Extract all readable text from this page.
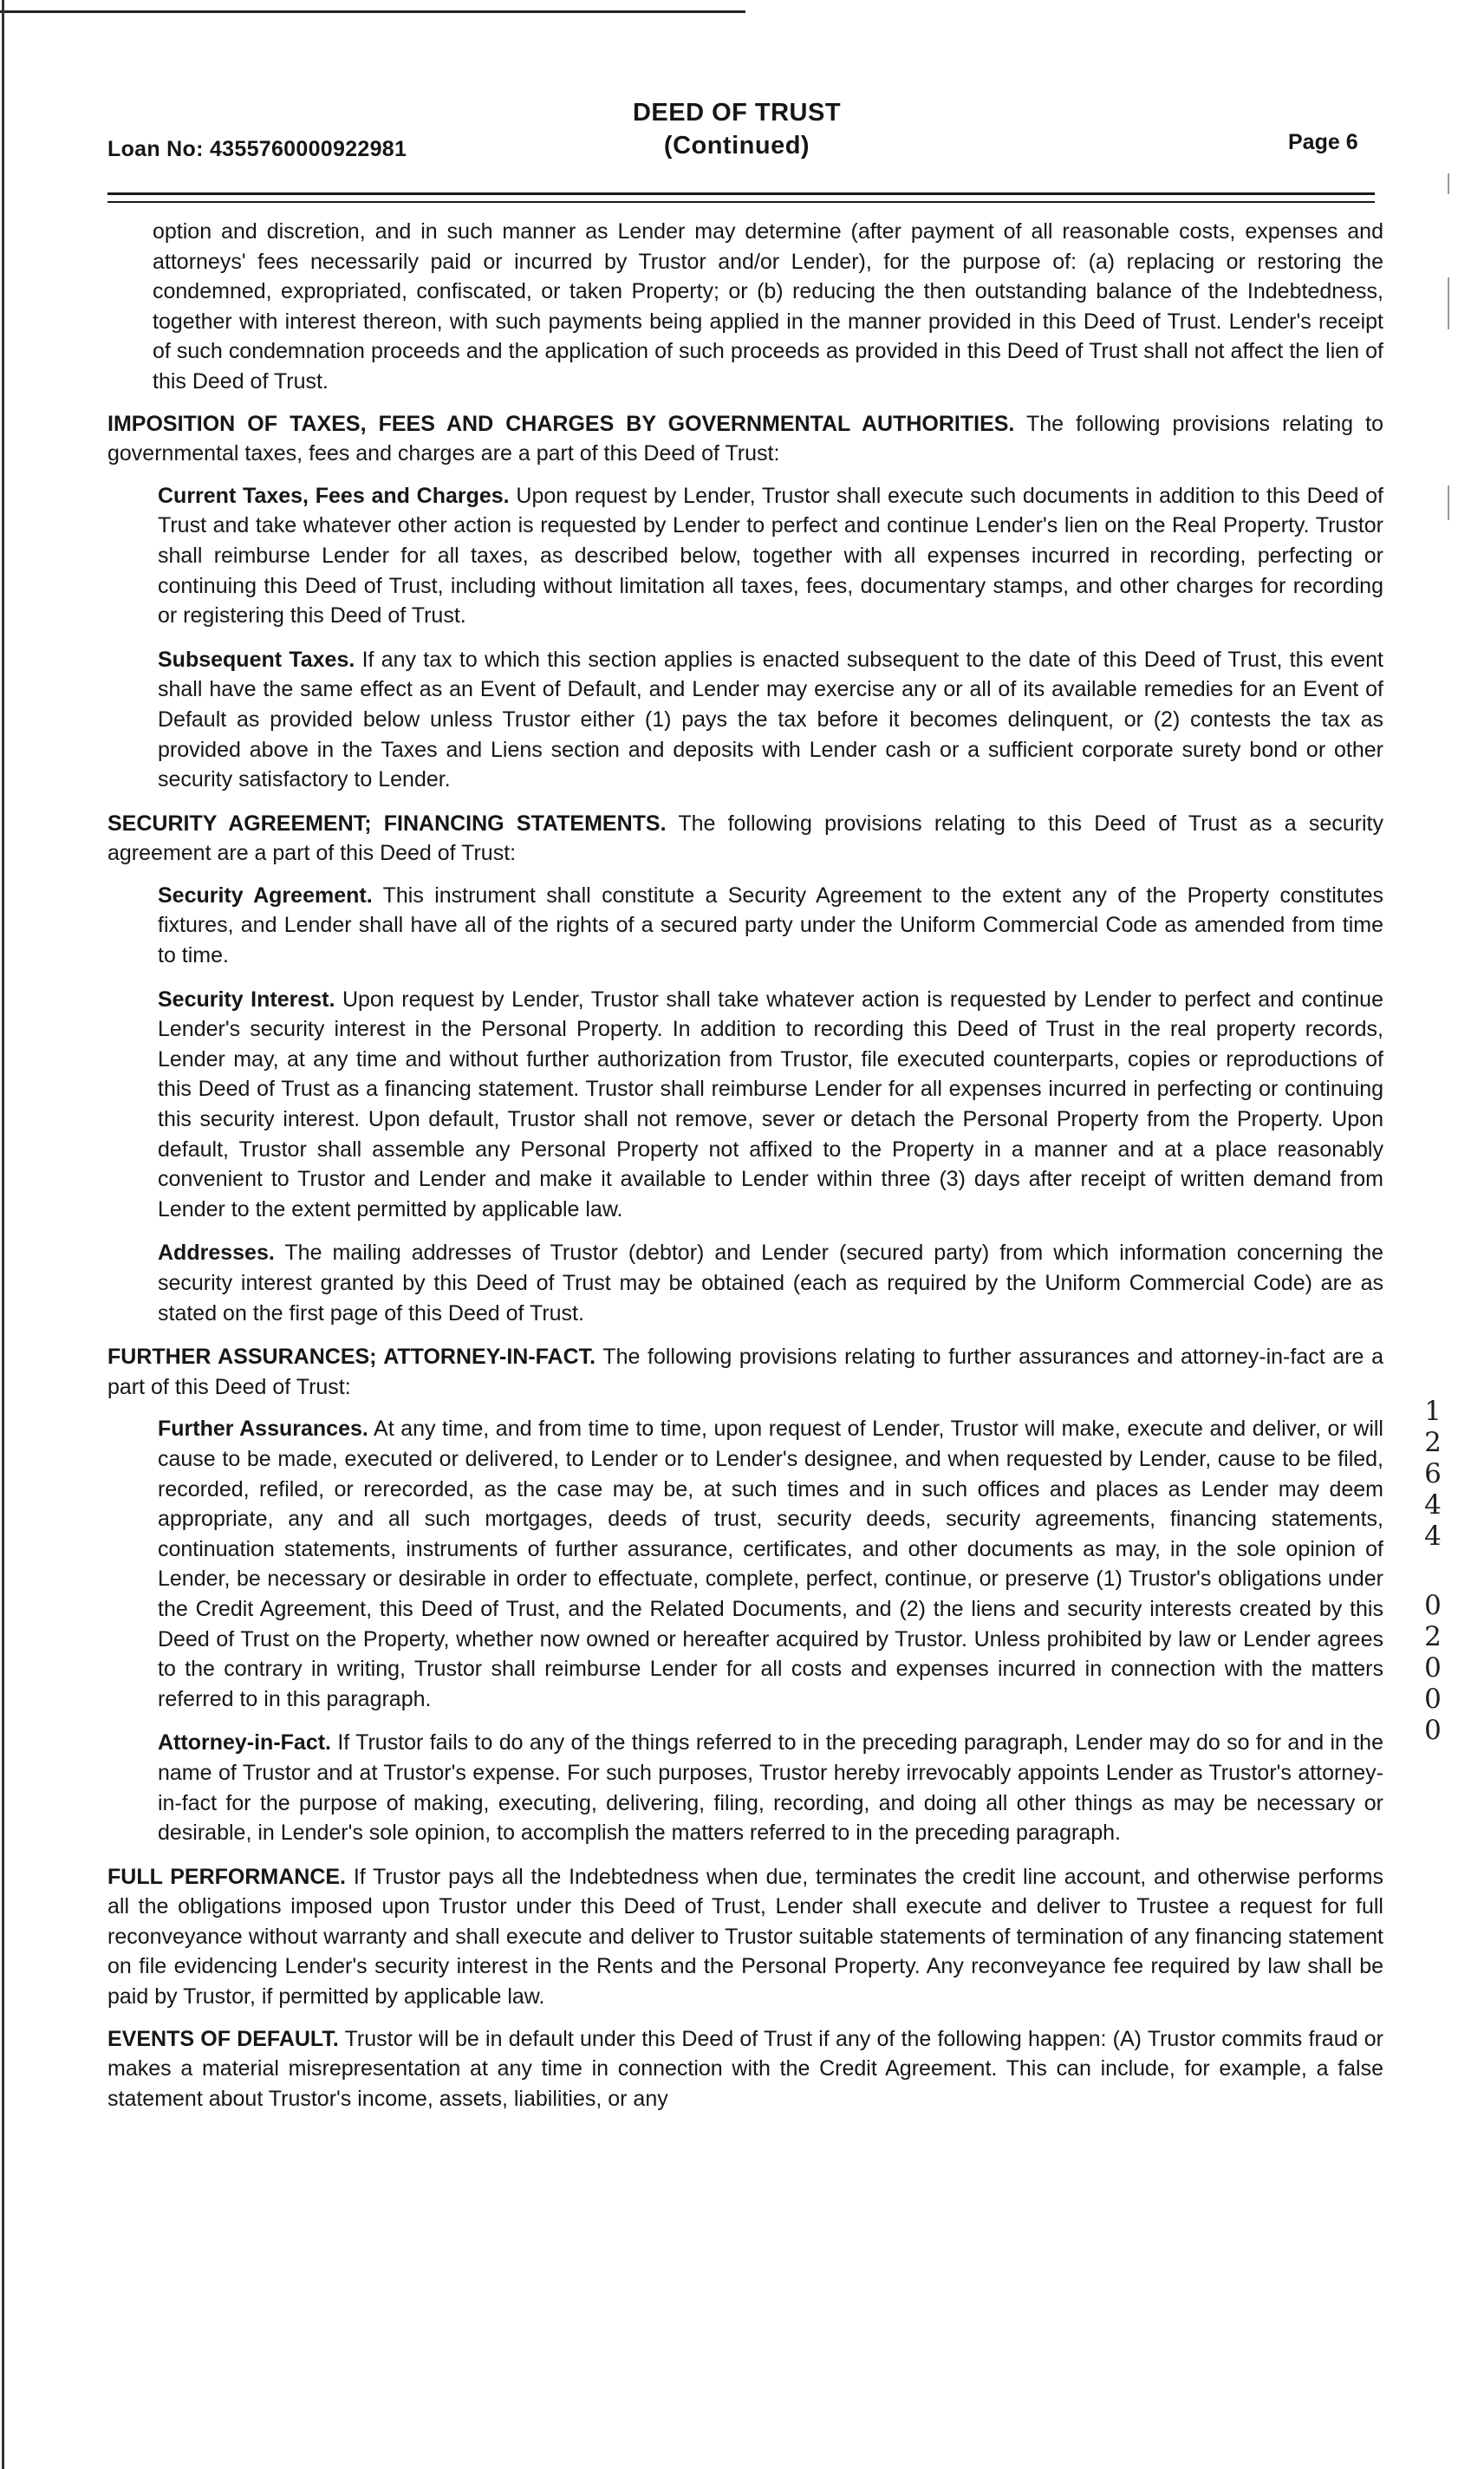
Loan No: 4355760000922981
DEED OF TRUST
(Continued)	Page 6

option and discretion, and in such manner as Lender may determine (after payment of all reasonable costs, expenses and attorneys' fees necessarily paid or incurred by Trustor and/or Lender), for the purpose of: (a) replacing or restoring the condemned, expropriated, confiscated, or taken Property; or (b) reducing the then outstanding balance of the Indebtedness, together with interest thereon, with such payments being applied in the manner provided in this Deed of Trust. Lender's receipt of such condemnation proceeds and the application of such proceeds as provided in this Deed of Trust shall not affect the lien of this Deed of Trust.

IMPOSITION OF TAXES, FEES AND CHARGES BY GOVERNMENTAL AUTHORITIES. The following provisions relating to governmental taxes, fees and charges are a part of this Deed of Trust:

Current Taxes, Fees and Charges. Upon request by Lender, Trustor shall execute such documents in addition to this Deed of Trust and take whatever other action is requested by Lender to perfect and continue Lender's lien on the Real Property. Trustor shall reimburse Lender for all taxes, as described below, together with all expenses incurred in recording, perfecting or continuing this Deed of Trust, including without limitation all taxes, fees, documentary stamps, and other charges for recording or registering this Deed of Trust.

Subsequent Taxes. If any tax to which this section applies is enacted subsequent to the date of this Deed of Trust, this event shall have the same effect as an Event of Default, and Lender may exercise any or all of its available remedies for an Event of Default as provided below unless Trustor either (1) pays the tax before it becomes delinquent, or (2) contests the tax as provided above in the Taxes and Liens section and deposits with Lender cash or a sufficient corporate surety bond or other security satisfactory to Lender.

SECURITY AGREEMENT; FINANCING STATEMENTS. The following provisions relating to this Deed of Trust as a security agreement are a part of this Deed of Trust:

Security Agreement. This instrument shall constitute a Security Agreement to the extent any of the Property constitutes fixtures, and Lender shall have all of the rights of a secured party under the Uniform Commercial Code as amended from time to time.

Security Interest. Upon request by Lender, Trustor shall take whatever action is requested by Lender to perfect and continue Lender's security interest in the Personal Property. In addition to recording this Deed of Trust in the real property records, Lender may, at any time and without further authorization from Trustor, file executed counterparts, copies or reproductions of this Deed of Trust as a financing statement. Trustor shall reimburse Lender for all expenses incurred in perfecting or continuing this security interest. Upon default, Trustor shall not remove, sever or detach the Personal Property from the Property. Upon default, Trustor shall assemble any Personal Property not affixed to the Property in a manner and at a place reasonably convenient to Trustor and Lender and make it available to Lender within three (3) days after receipt of written demand from Lender to the extent permitted by applicable law.

Addresses. The mailing addresses of Trustor (debtor) and Lender (secured party) from which information concerning the security interest granted by this Deed of Trust may be obtained (each as required by the Uniform Commercial Code) are as stated on the first page of this Deed of Trust.

FURTHER ASSURANCES; ATTORNEY-IN-FACT. The following provisions relating to further assurances and attorney-in-fact are a part of this Deed of Trust:

Further Assurances. At any time, and from time to time, upon request of Lender, Trustor will make, execute and deliver, or will cause to be made, executed or delivered, to Lender or to Lender's designee, and when requested by Lender, cause to be filed, recorded, refiled, or rerecorded, as the case may be, at such times and in such offices and places as Lender may deem appropriate, any and all such mortgages, deeds of trust, security deeds, security agreements, financing statements, continuation statements, instruments of further assurance, certificates, and other documents as may, in the sole opinion of Lender, be necessary or desirable in order to effectuate, complete, perfect, continue, or preserve (1) Trustor's obligations under the Credit Agreement, this Deed of Trust, and the Related Documents, and (2) the liens and security interests created by this Deed of Trust on the Property, whether now owned or hereafter acquired by Trustor. Unless prohibited by law or Lender agrees to the contrary in writing, Trustor shall reimburse Lender for all costs and expenses incurred in connection with the matters referred to in this paragraph.

Attorney-in-Fact. If Trustor fails to do any of the things referred to in the preceding paragraph, Lender may do so for and in the name of Trustor and at Trustor's expense. For such purposes, Trustor hereby irrevocably appoints Lender as Trustor's attorney-in-fact for the purpose of making, executing, delivering, filing, recording, and doing all other things as may be necessary or desirable, in Lender's sole opinion, to accomplish the matters referred to in the preceding paragraph.

FULL PERFORMANCE. If Trustor pays all the Indebtedness when due, terminates the credit line account, and otherwise performs all the obligations imposed upon Trustor under this Deed of Trust, Lender shall execute and deliver to Trustee a request for full reconveyance without warranty and shall execute and deliver to Trustor suitable statements of termination of any financing statement on file evidencing Lender's security interest in the Rents and the Personal Property. Any reconveyance fee required by law shall be paid by Trustor, if permitted by applicable law.

EVENTS OF DEFAULT. Trustor will be in default under this Deed of Trust if any of the following happen: (A) Trustor commits fraud or makes a material misrepresentation at any time in connection with the Credit Agreement. This can include, for example, a false statement about Trustor's income, assets, liabilities, or any

1
2
6
4
4
0
2
0
0
0
